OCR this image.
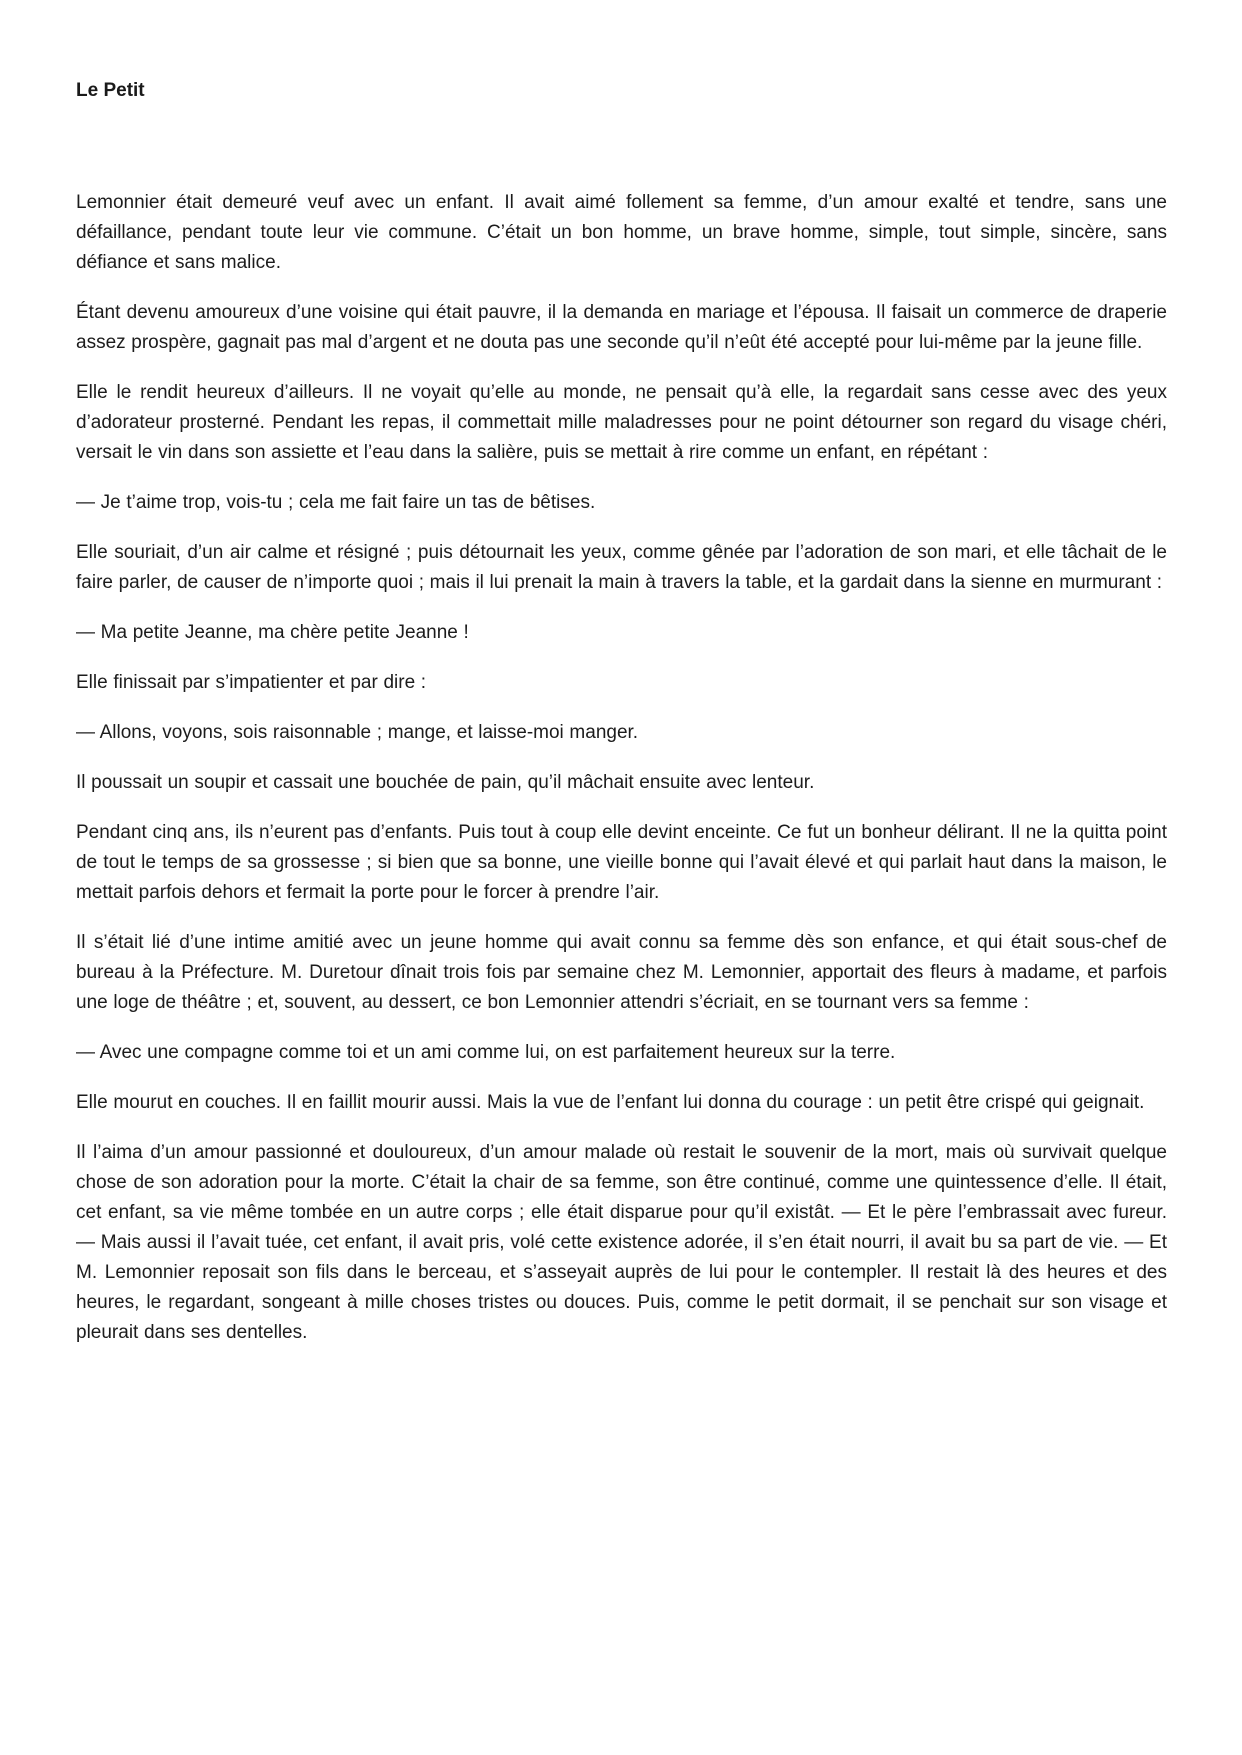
Le Petit

Lemonnier était demeuré veuf avec un enfant. Il avait aimé follement sa femme, d’un amour exalté et tendre, sans une défaillance, pendant toute leur vie commune. C’était un bon homme, un brave homme, simple, tout simple, sincère, sans défiance et sans malice.

Étant devenu amoureux d’une voisine qui était pauvre, il la demanda en mariage et l’épousa. Il faisait un commerce de draperie assez prospère, gagnait pas mal d’argent et ne douta pas une seconde qu’il n’eût été accepté pour lui-même par la jeune fille.

Elle le rendit heureux d’ailleurs. Il ne voyait qu’elle au monde, ne pensait qu’à elle, la regardait sans cesse avec des yeux d’adorateur prosterné. Pendant les repas, il commettait mille maladresses pour ne point détourner son regard du visage chéri, versait le vin dans son assiette et l’eau dans la salière, puis se mettait à rire comme un enfant, en répétant :

— Je t’aime trop, vois-tu ; cela me fait faire un tas de bêtises.

Elle souriait, d’un air calme et résigné ; puis détournait les yeux, comme gênée par l’adoration de son mari, et elle tâchait de le faire parler, de causer de n’importe quoi ; mais il lui prenait la main à travers la table, et la gardait dans la sienne en murmurant :

— Ma petite Jeanne, ma chère petite Jeanne !

Elle finissait par s’impatienter et par dire :

— Allons, voyons, sois raisonnable ; mange, et laisse-moi manger.

Il poussait un soupir et cassait une bouchée de pain, qu’il mâchait ensuite avec lenteur.

Pendant cinq ans, ils n’eurent pas d’enfants. Puis tout à coup elle devint enceinte. Ce fut un bonheur délirant. Il ne la quitta point de tout le temps de sa grossesse ; si bien que sa bonne, une vieille bonne qui l’avait élevé et qui parlait haut dans la maison, le mettait parfois dehors et fermait la porte pour le forcer à prendre l’air.

Il s’était lié d’une intime amitié avec un jeune homme qui avait connu sa femme dès son enfance, et qui était sous-chef de bureau à la Préfecture. M. Duretour dînait trois fois par semaine chez M. Lemonnier, apportait des fleurs à madame, et parfois une loge de théâtre ; et, souvent, au dessert, ce bon Lemonnier attendri s’écriait, en se tournant vers sa femme :

— Avec une compagne comme toi et un ami comme lui, on est parfaitement heureux sur la terre.

Elle mourut en couches. Il en faillit mourir aussi. Mais la vue de l’enfant lui donna du courage : un petit être crispé qui geignait.

Il l’aima d’un amour passionné et douloureux, d’un amour malade où restait le souvenir de la mort, mais où survivait quelque chose de son adoration pour la morte. C’était la chair de sa femme, son être continué, comme une quintessence d’elle. Il était, cet enfant, sa vie même tombée en un autre corps ; elle était disparue pour qu’il existât. — Et le père l’embrassait avec fureur. — Mais aussi il l’avait tuée, cet enfant, il avait pris, volé cette existence adorée, il s’en était nourri, il avait bu sa part de vie. — Et M. Lemonnier reposait son fils dans le berceau, et s’asseyait auprès de lui pour le contempler. Il restait là des heures et des heures, le regardant, songeant à mille choses tristes ou douces. Puis, comme le petit dormait, il se penchait sur son visage et pleurait dans ses dentelles.
